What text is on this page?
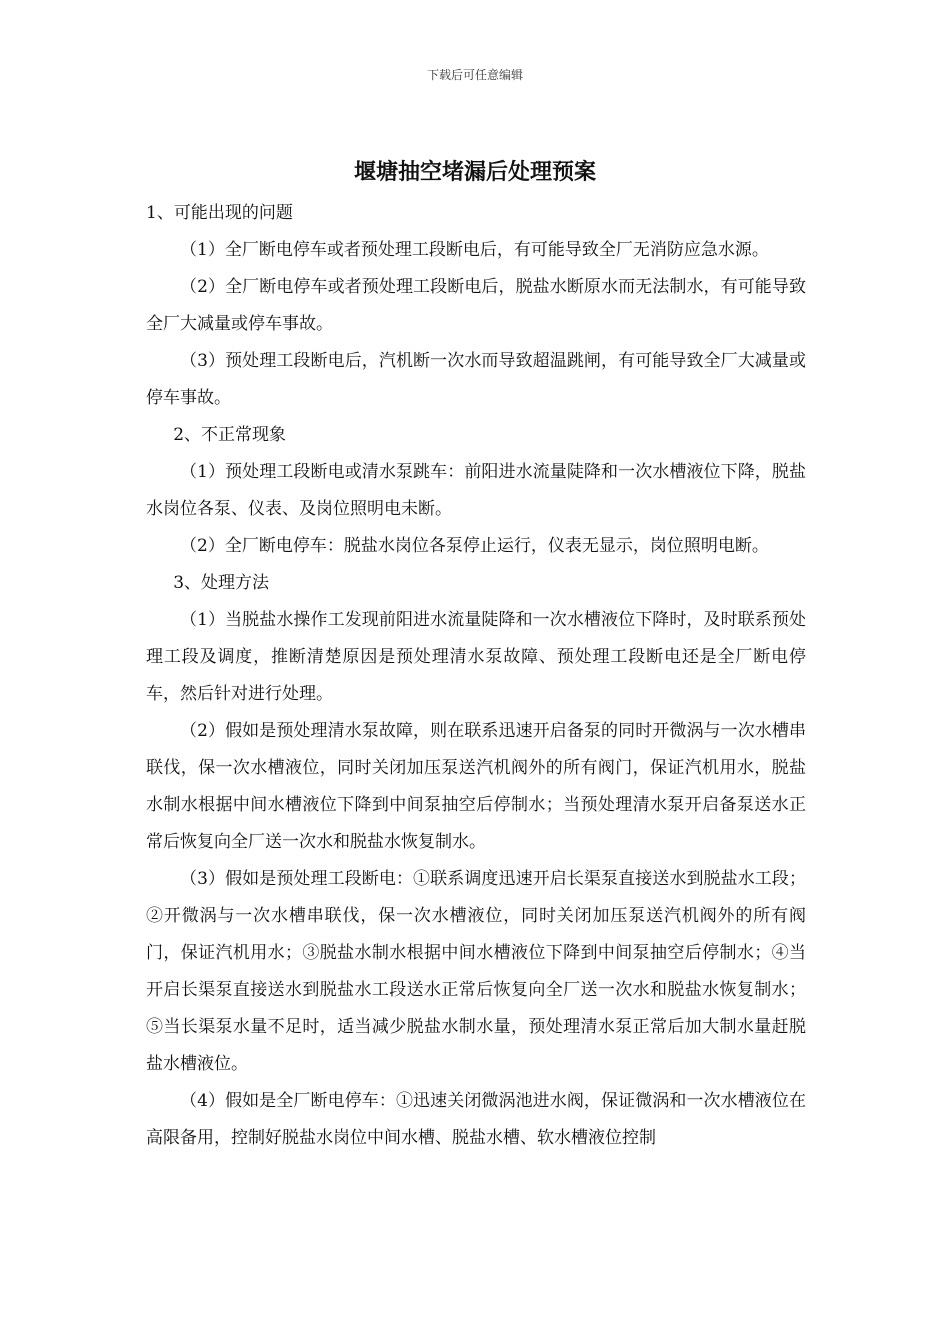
下载后可任意编辑
堰塘抽空堵漏后处理预案

1、可能出现的问题

（1）全厂断电停车或者预处理工段断电后，有可能导致全厂无消防应急水源。

（2）全厂断电停车或者预处理工段断电后，脱盐水断原水而无法制水，有可能导致全厂大减量或停车事故。

（3）预处理工段断电后，汽机断一次水而导致超温跳闸，有可能导致全厂大减量或停车事故。

2、不正常现象

（1）预处理工段断电或清水泵跳车：前阳进水流量陡降和一次水槽液位下降，脱盐水岗位各泵、仪表、及岗位照明电未断。

（2）全厂断电停车：脱盐水岗位各泵停止运行，仪表无显示，岗位照明电断。

3、处理方法

（1）当脱盐水操作工发现前阳进水流量陡降和一次水槽液位下降时，及时联系预处理工段及调度，推断清楚原因是预处理清水泵故障、预处理工段断电还是全厂断电停车，然后针对进行处理。

（2）假如是预处理清水泵故障，则在联系迅速开启备泵的同时开微涡与一次水槽串联伐，保一次水槽液位，同时关闭加压泵送汽机阀外的所有阀门，保证汽机用水，脱盐水制水根据中间水槽液位下降到中间泵抽空后停制水；当预处理清水泵开启备泵送水正常后恢复向全厂送一次水和脱盐水恢复制水。

（3）假如是预处理工段断电：①联系调度迅速开启长渠泵直接送水到脱盐水工段；②开微涡与一次水槽串联伐，保一次水槽液位，同时关闭加压泵送汽机阀外的所有阀门，保证汽机用水；③脱盐水制水根据中间水槽液位下降到中间泵抽空后停制水；④当开启长渠泵直接送水到脱盐水工段送水正常后恢复向全厂送一次水和脱盐水恢复制水；⑤当长渠泵水量不足时，适当减少脱盐水制水量，预处理清水泵正常后加大制水量赶脱盐水槽液位。

（4）假如是全厂断电停车：①迅速关闭微涡池进水阀，保证微涡和一次水槽液位在高限备用，控制好脱盐水岗位中间水槽、脱盐水槽、软水槽液位控制
